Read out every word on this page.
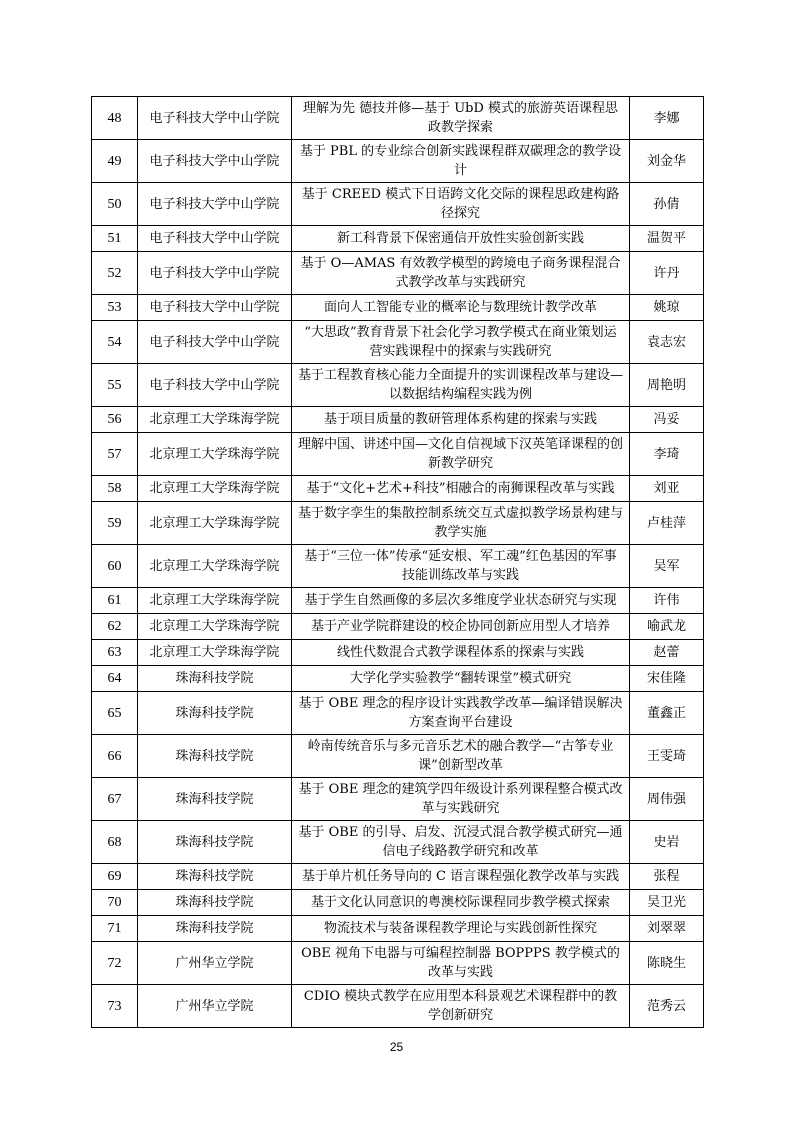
48	电子科技大学中山学院	理解为先 德技并修—基于 UbD 模式的旅游英语课程思政教学探索	李娜
49	电子科技大学中山学院	基于 PBL 的专业综合创新实践课程群双碳理念的教学设计	刘金华
50	电子科技大学中山学院	基于 CREED 模式下日语跨文化交际的课程思政建构路径探究	孙倩
51	电子科技大学中山学院	新工科背景下保密通信开放性实验创新实践	温贺平
52	电子科技大学中山学院	基于 O—AMAS 有效教学模型的跨境电子商务课程混合式教学改革与实践研究	许丹
53	电子科技大学中山学院	面向人工智能专业的概率论与数理统计教学改革	姚琼
54	电子科技大学中山学院	“大思政”教育背景下社会化学习教学模式在商业策划运营实践课程中的探索与实践研究	袁志宏
55	电子科技大学中山学院	基于工程教育核心能力全面提升的实训课程改革与建设—以数据结构编程实践为例	周艳明
56	北京理工大学珠海学院	基于项目质量的教研管理体系构建的探索与实践	冯妥
57	北京理工大学珠海学院	理解中国、讲述中国—文化自信视域下汉英笔译课程的创新教学研究	李琦
58	北京理工大学珠海学院	基于“文化+艺术+科技”相融合的南狮课程改革与实践	刘亚
59	北京理工大学珠海学院	基于数字孪生的集散控制系统交互式虚拟教学场景构建与教学实施	卢桂萍
60	北京理工大学珠海学院	基于“三位一体”传承“延安根、军工魂”红色基因的军事技能训练改革与实践	吴军
61	北京理工大学珠海学院	基于学生自然画像的多层次多维度学业状态研究与实现	许伟
62	北京理工大学珠海学院	基于产业学院群建设的校企协同创新应用型人才培养	喻武龙
63	北京理工大学珠海学院	线性代数混合式教学课程体系的探索与实践	赵蕾
64	珠海科技学院	大学化学实验教学“翻转课堂”模式研究	宋佳隆
65	珠海科技学院	基于 OBE 理念的程序设计实践教学改革—编译错误解决方案查询平台建设	董鑫正
66	珠海科技学院	岭南传统音乐与多元音乐艺术的融合教学—“古筝专业课”创新型改革	王雯琦
67	珠海科技学院	基于 OBE 理念的建筑学四年级设计系列课程整合模式改革与实践研究	周伟强
68	珠海科技学院	基于 OBE 的引导、启发、沉浸式混合教学模式研究—通信电子线路教学研究和改革	史岩
69	珠海科技学院	基于单片机任务导向的 C 语言课程强化教学改革与实践	张程
70	珠海科技学院	基于文化认同意识的粤澳校际课程同步教学模式探索	吴卫光
71	珠海科技学院	物流技术与装备课程教学理论与实践创新性探究	刘翠翠
72	广州华立学院	OBE 视角下电器与可编程控制器 BOPPPS 教学模式的改革与实践	陈晓生
73	广州华立学院	CDIO 模块式教学在应用型本科景观艺术课程群中的教学创新研究	范秀云
25
